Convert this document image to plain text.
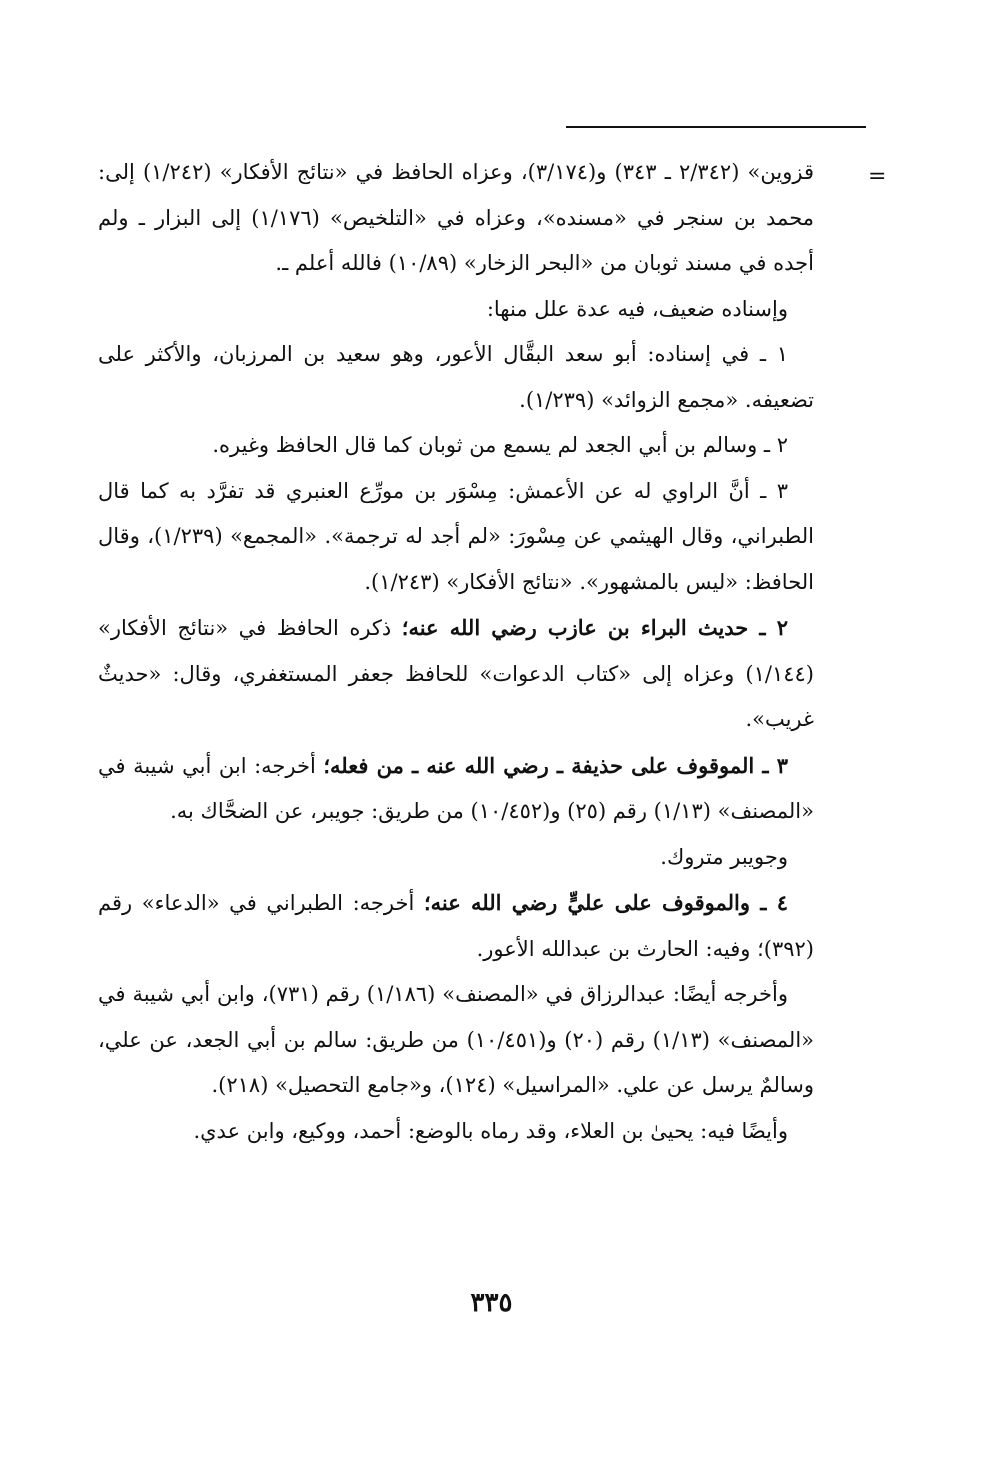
=

قزوين» (٢/٣٤٢ ـ ٣٤٣) و(٣/١٧٤)، وعزاه الحافظ في «نتائج الأفكار» (١/٢٤٢) إلى: محمد بن سنجر في «مسنده»، وعزاه في «التلخيص» (١/١٧٦) إلى البزار ـ ولم أجده في مسند ثوبان من «البحر الزخار» (١٠/٨٩) فالله أعلم ـ.

وإسناده ضعيف، فيه عدة علل منها:

١ ـ في إسناده: أبو سعد البقَّال الأعور، وهو سعيد بن المرزبان، والأكثر على تضعيفه. «مجمع الزوائد» (١/٢٣٩).

٢ ـ وسالم بن أبي الجعد لم يسمع من ثوبان كما قال الحافظ وغيره.

٣ ـ أنَّ الراوي له عن الأعمش: مِسْوَر بن مورِّع العنبري قد تفرَّد به كما قال الطبراني، وقال الهيثمي عن مِسْورَ: «لم أجد له ترجمة». «المجمع» (١/٢٣٩)، وقال الحافظ: «ليس بالمشهور». «نتائج الأفكار» (١/٢٤٣).

٢ ـ حديث البراء بن عازب رضي الله عنه؛ ذكره الحافظ في «نتائج الأفكار» (١/١٤٤) وعزاه إلى «كتاب الدعوات» للحافظ جعفر المستغفري، وقال: «حديثٌ غريب».

٣ ـ الموقوف على حذيفة ـ رضي الله عنه ـ من فعله؛ أخرجه: ابن أبي شيبة في «المصنف» (١/١٣) رقم (٢٥) و(١٠/٤٥٢) من طريق: جويبر، عن الضحَّاك به.

وجويبر متروك.

٤ ـ والموقوف على عليٍّ رضي الله عنه؛ أخرجه: الطبراني في «الدعاء» رقم (٣٩٢)؛ وفيه: الحارث بن عبدالله الأعور.

وأخرجه أيضًا: عبدالرزاق في «المصنف» (١/١٨٦) رقم (٧٣١)، وابن أبي شيبة في «المصنف» (١/١٣) رقم (٢٠) و(١٠/٤٥١) من طريق: سالم بن أبي الجعد، عن علي، وسالمٌ يرسل عن علي. «المراسيل» (١٢٤)، و«جامع التحصيل» (٢١٨).

وأيضًا فيه: يحيىٰ بن العلاء، وقد رماه بالوضع: أحمد، ووكيع، وابن عدي.

٣٣٥
